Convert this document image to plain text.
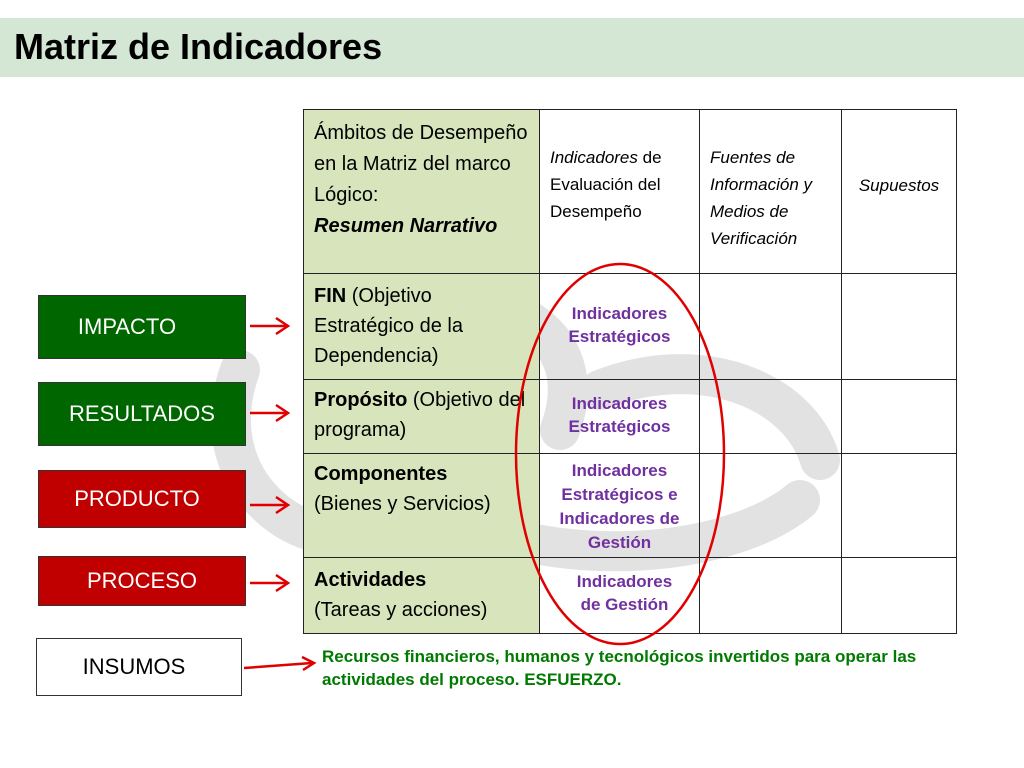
Matriz de Indicadores
IMPACTO
RESULTADOS
PRODUCTO
PROCESO
INSUMOS
Ámbitos de Desempeño en la Matriz del marco Lógico:
Resumen Narrativo	Indicadores de Evaluación del Desempeño	Fuentes de Información y Medios de Verificación	Supuestos

FIN (Objetivo Estratégico de la Dependencia)	Indicadores Estratégicos		

Propósito (Objetivo del programa)	Indicadores Estratégicos		

Componentes
(Bienes y Servicios)	Indicadores Estratégicos e Indicadores de Gestión		

Actividades
(Tareas y acciones)	Indicadores de Gestión		

Recursos financieros, humanos y tecnológicos invertidos para operar las actividades del proceso. ESFUERZO.
